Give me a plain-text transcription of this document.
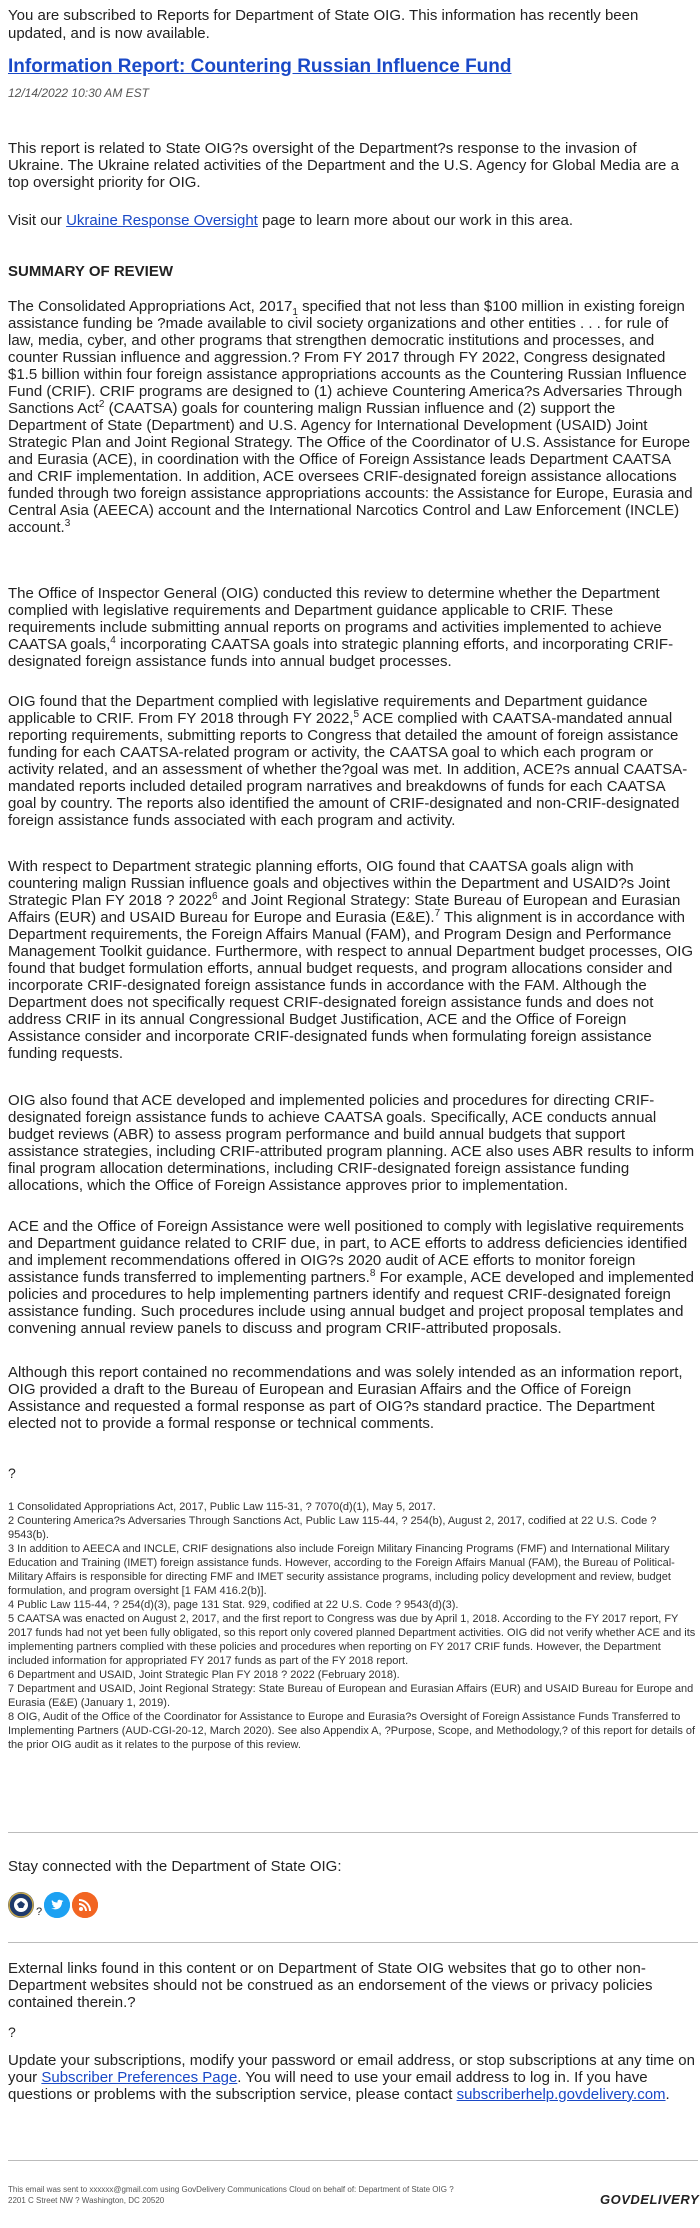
You are subscribed to Reports for Department of State OIG. This information has recently been updated, and is now available.

Information Report: Countering Russian Influence Fund

12/14/2022 10:30 AM EST

This report is related to State OIG?s oversight of the Department?s response to the invasion of Ukraine. The Ukraine related activities of the Department and the U.S. Agency for Global Media are a top oversight priority for OIG.

Visit our Ukraine Response Oversight page to learn more about our work in this area.

SUMMARY OF REVIEW

The Consolidated Appropriations Act, $2017_1$ specified that not less than $100 million in existing foreign assistance funding be ?made available to civil society organizations and other entities . . . for rule of law, media, cyber, and other programs that strengthen democratic institutions and processes, and counter Russian influence and aggression.? From FY 2017 through FY 2022, Congress designated $1.5 billion within four foreign assistance appropriations accounts as the Countering Russian Influence Fund (CRIF). CRIF programs are designed to (1) achieve Countering America?s Adversaries Through Sanctions Act$^2$ (CAATSA) goals for countering malign Russian influence and (2) support the Department of State (Department) and U.S. Agency for International Development (USAID) Joint Strategic Plan and Joint Regional Strategy. The Office of the Coordinator of U.S. Assistance for Europe and Eurasia (ACE), in coordination with the Office of Foreign Assistance leads Department CAATSA and CRIF implementation. In addition, ACE oversees CRIF-designated foreign assistance allocations funded through two foreign assistance appropriations accounts: the Assistance for Europe, Eurasia and Central Asia (AEECA) account and the International Narcotics Control and Law Enforcement (INCLE) account.$^3$

The Office of Inspector General (OIG) conducted this review to determine whether the Department complied with legislative requirements and Department guidance applicable to CRIF. These requirements include submitting annual reports on programs and activities implemented to achieve CAATSA goals,$^4$ incorporating CAATSA goals into strategic planning efforts, and incorporating CRIF-designated foreign assistance funds into annual budget processes.

OIG found that the Department complied with legislative requirements and Department guidance applicable to CRIF. From FY 2018 through FY 2022,$^5$ ACE complied with CAATSA-mandated annual reporting requirements, submitting reports to Congress that detailed the amount of foreign assistance funding for each CAATSA-related program or activity, the CAATSA goal to which each program or activity related, and an assessment of whether the?goal was met. In addition, ACE?s annual CAATSA-mandated reports included detailed program narratives and breakdowns of funds for each CAATSA goal by country. The reports also identified the amount of CRIF-designated and non-CRIF-designated foreign assistance funds associated with each program and activity.

With respect to Department strategic planning efforts, OIG found that CAATSA goals align with countering malign Russian influence goals and objectives within the Department and USAID?s Joint Strategic Plan FY 2018 ? 2022$^6$ and Joint Regional Strategy: State Bureau of European and Eurasian Affairs (EUR) and USAID Bureau for Europe and Eurasia (E&E).$^7$ This alignment is in accordance with Department requirements, the Foreign Affairs Manual (FAM), and Program Design and Performance Management Toolkit guidance. Furthermore, with respect to annual Department budget processes, OIG found that budget formulation efforts, annual budget requests, and program allocations consider and incorporate CRIF-designated foreign assistance funds in accordance with the FAM. Although the Department does not specifically request CRIF-designated foreign assistance funds and does not address CRIF in its annual Congressional Budget Justification, ACE and the Office of Foreign Assistance consider and incorporate CRIF-designated funds when formulating foreign assistance funding requests.

OIG also found that ACE developed and implemented policies and procedures for directing CRIF-designated foreign assistance funds to achieve CAATSA goals. Specifically, ACE conducts annual budget reviews (ABR) to assess program performance and build annual budgets that support assistance strategies, including CRIF-attributed program planning. ACE also uses ABR results to inform final program allocation determinations, including CRIF-designated foreign assistance funding allocations, which the Office of Foreign Assistance approves prior to implementation.

ACE and the Office of Foreign Assistance were well positioned to comply with legislative requirements and Department guidance related to CRIF due, in part, to ACE efforts to address deficiencies identified and implement recommendations offered in OIG?s 2020 audit of ACE efforts to monitor foreign assistance funds transferred to implementing partners.$^8$ For example, ACE developed and implemented policies and procedures to help implementing partners identify and request CRIF-designated foreign assistance funding. Such procedures include using annual budget and project proposal templates and convening annual review panels to discuss and program CRIF-attributed proposals.

Although this report contained no recommendations and was solely intended as an information report, OIG provided a draft to the Bureau of European and Eurasian Affairs and the Office of Foreign Assistance and requested a formal response as part of OIG?s standard practice. The Department elected not to provide a formal response or technical comments.

?

1 Consolidated Appropriations Act, 2017, Public Law 115-31, ? 7070(d)(1), May 5, 2017.

2 Countering America?s Adversaries Through Sanctions Act, Public Law 115-44, ? 254(b), August 2, 2017, codified at 22 U.S. Code ? 9543(b).

3 In addition to AEECA and INCLE, CRIF designations also include Foreign Military Financing Programs (FMF) and International Military Education and Training (IMET) foreign assistance funds. However, according to the Foreign Affairs Manual (FAM), the Bureau of Political-Military Affairs is responsible for directing FMF and IMET security assistance programs, including policy development and review, budget formulation, and program oversight [1 FAM 416.2(b)].

4 Public Law 115-44, ? 254(d)(3), page 131 Stat. 929, codified at 22 U.S. Code ? 9543(d)(3).

5 CAATSA was enacted on August 2, 2017, and the first report to Congress was due by April 1, 2018. According to the FY 2017 report, FY 2017 funds had not yet been fully obligated, so this report only covered planned Department activities. OIG did not verify whether ACE and its implementing partners complied with these policies and procedures when reporting on FY 2017 CRIF funds. However, the Department included information for appropriated FY 2017 funds as part of the FY 2018 report.

6 Department and USAID, Joint Strategic Plan FY 2018 ? 2022 (February 2018).

7 Department and USAID, Joint Regional Strategy: State Bureau of European and Eurasian Affairs (EUR) and USAID Bureau for Europe and Eurasia (E&E) (January 1, 2019).

8 OIG, Audit of the Office of the Coordinator for Assistance to Europe and Eurasia?s Oversight of Foreign Assistance Funds Transferred to Implementing Partners (AUD-CGI-20-12, March 2020). See also Appendix A, ?Purpose, Scope, and Methodology,? of this report for details of the prior OIG audit as it relates to the purpose of this review.

Stay connected with the Department of State OIG:

?

External links found in this content or on Department of State OIG websites that go to other non-Department websites should not be construed as an endorsement of the views or privacy policies contained therein.?

?

Update your subscriptions, modify your password or email address, or stop subscriptions at any time on your Subscriber Preferences Page. You will need to use your email address to log in. If you have questions or problems with the subscription service, please contact subscriberhelp.govdelivery.com.

This email was sent to xxxxxx@gmail.com using GovDelivery Communications Cloud on behalf of: Department of State OIG ?

2201 C Street NW ? Washington, DC 20520	GOVDELIVERY
